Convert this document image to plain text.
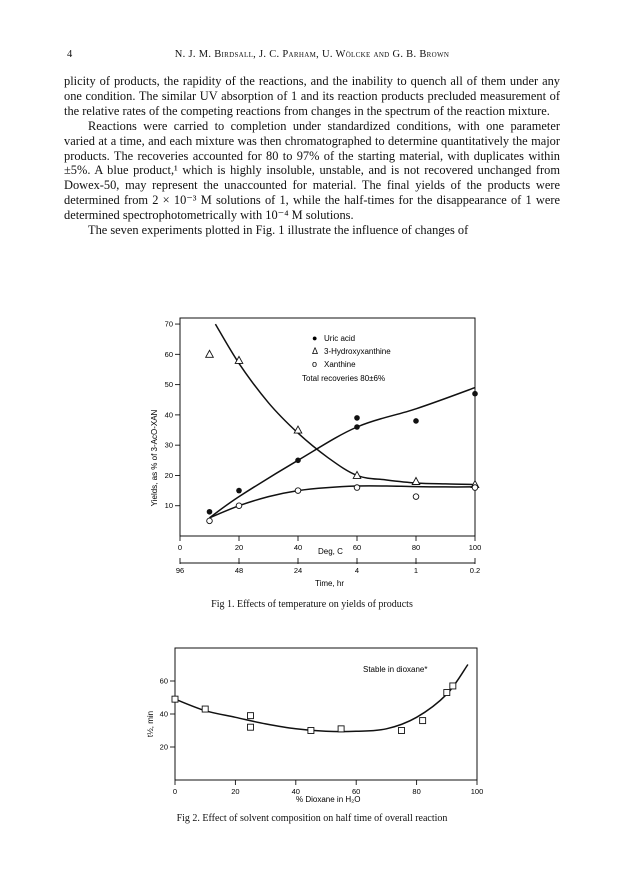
4	N. J. M. Birdsall, J. C. Parham, U. Wölcke and G. B. Brown

plicity of products, the rapidity of the reactions, and the inability to quench all of them under any one condition. The similar UV absorption of 1 and its reaction products precluded measurement of the relative rates of the competing reactions from changes in the spectrum of the reaction mixture.

Reactions were carried to completion under standardized conditions, with one parameter varied at a time, and each mixture was then chromatographed to determine quantitatively the major products. The recoveries accounted for 80 to 97% of the starting material, with duplicates within ±5%. A blue product,¹ which is highly insoluble, unstable, and is not recovered unchanged from Dowex-50, may represent the unaccounted for material. The final yields of the products were determined from 2 × 10⁻³ M solutions of 1, while the half-times for the disappearance of 1 were determined spectrophotometrically with 10⁻⁴ M solutions.

The seven experiments plotted in Fig. 1 illustrate the influence of changes of

0	20	40	60	80	100
10
20
30
40
50
60
70
96	48	24	4	1	0.2
● Uric acid
Δ 3-Hydroxyxanthine
o Xanthine
Total recoveries 80±6%
Deg, C
Time, hr
Yields, as % of 3-AcO-XAN
Fig 1. Effects of temperature on yields of products
0	20	40	60	80	100
20
40
60
Stable in dioxane*
% Dioxane in H₂O
t½, min
Fig 2. Effect of solvent composition on half time of overall reaction
